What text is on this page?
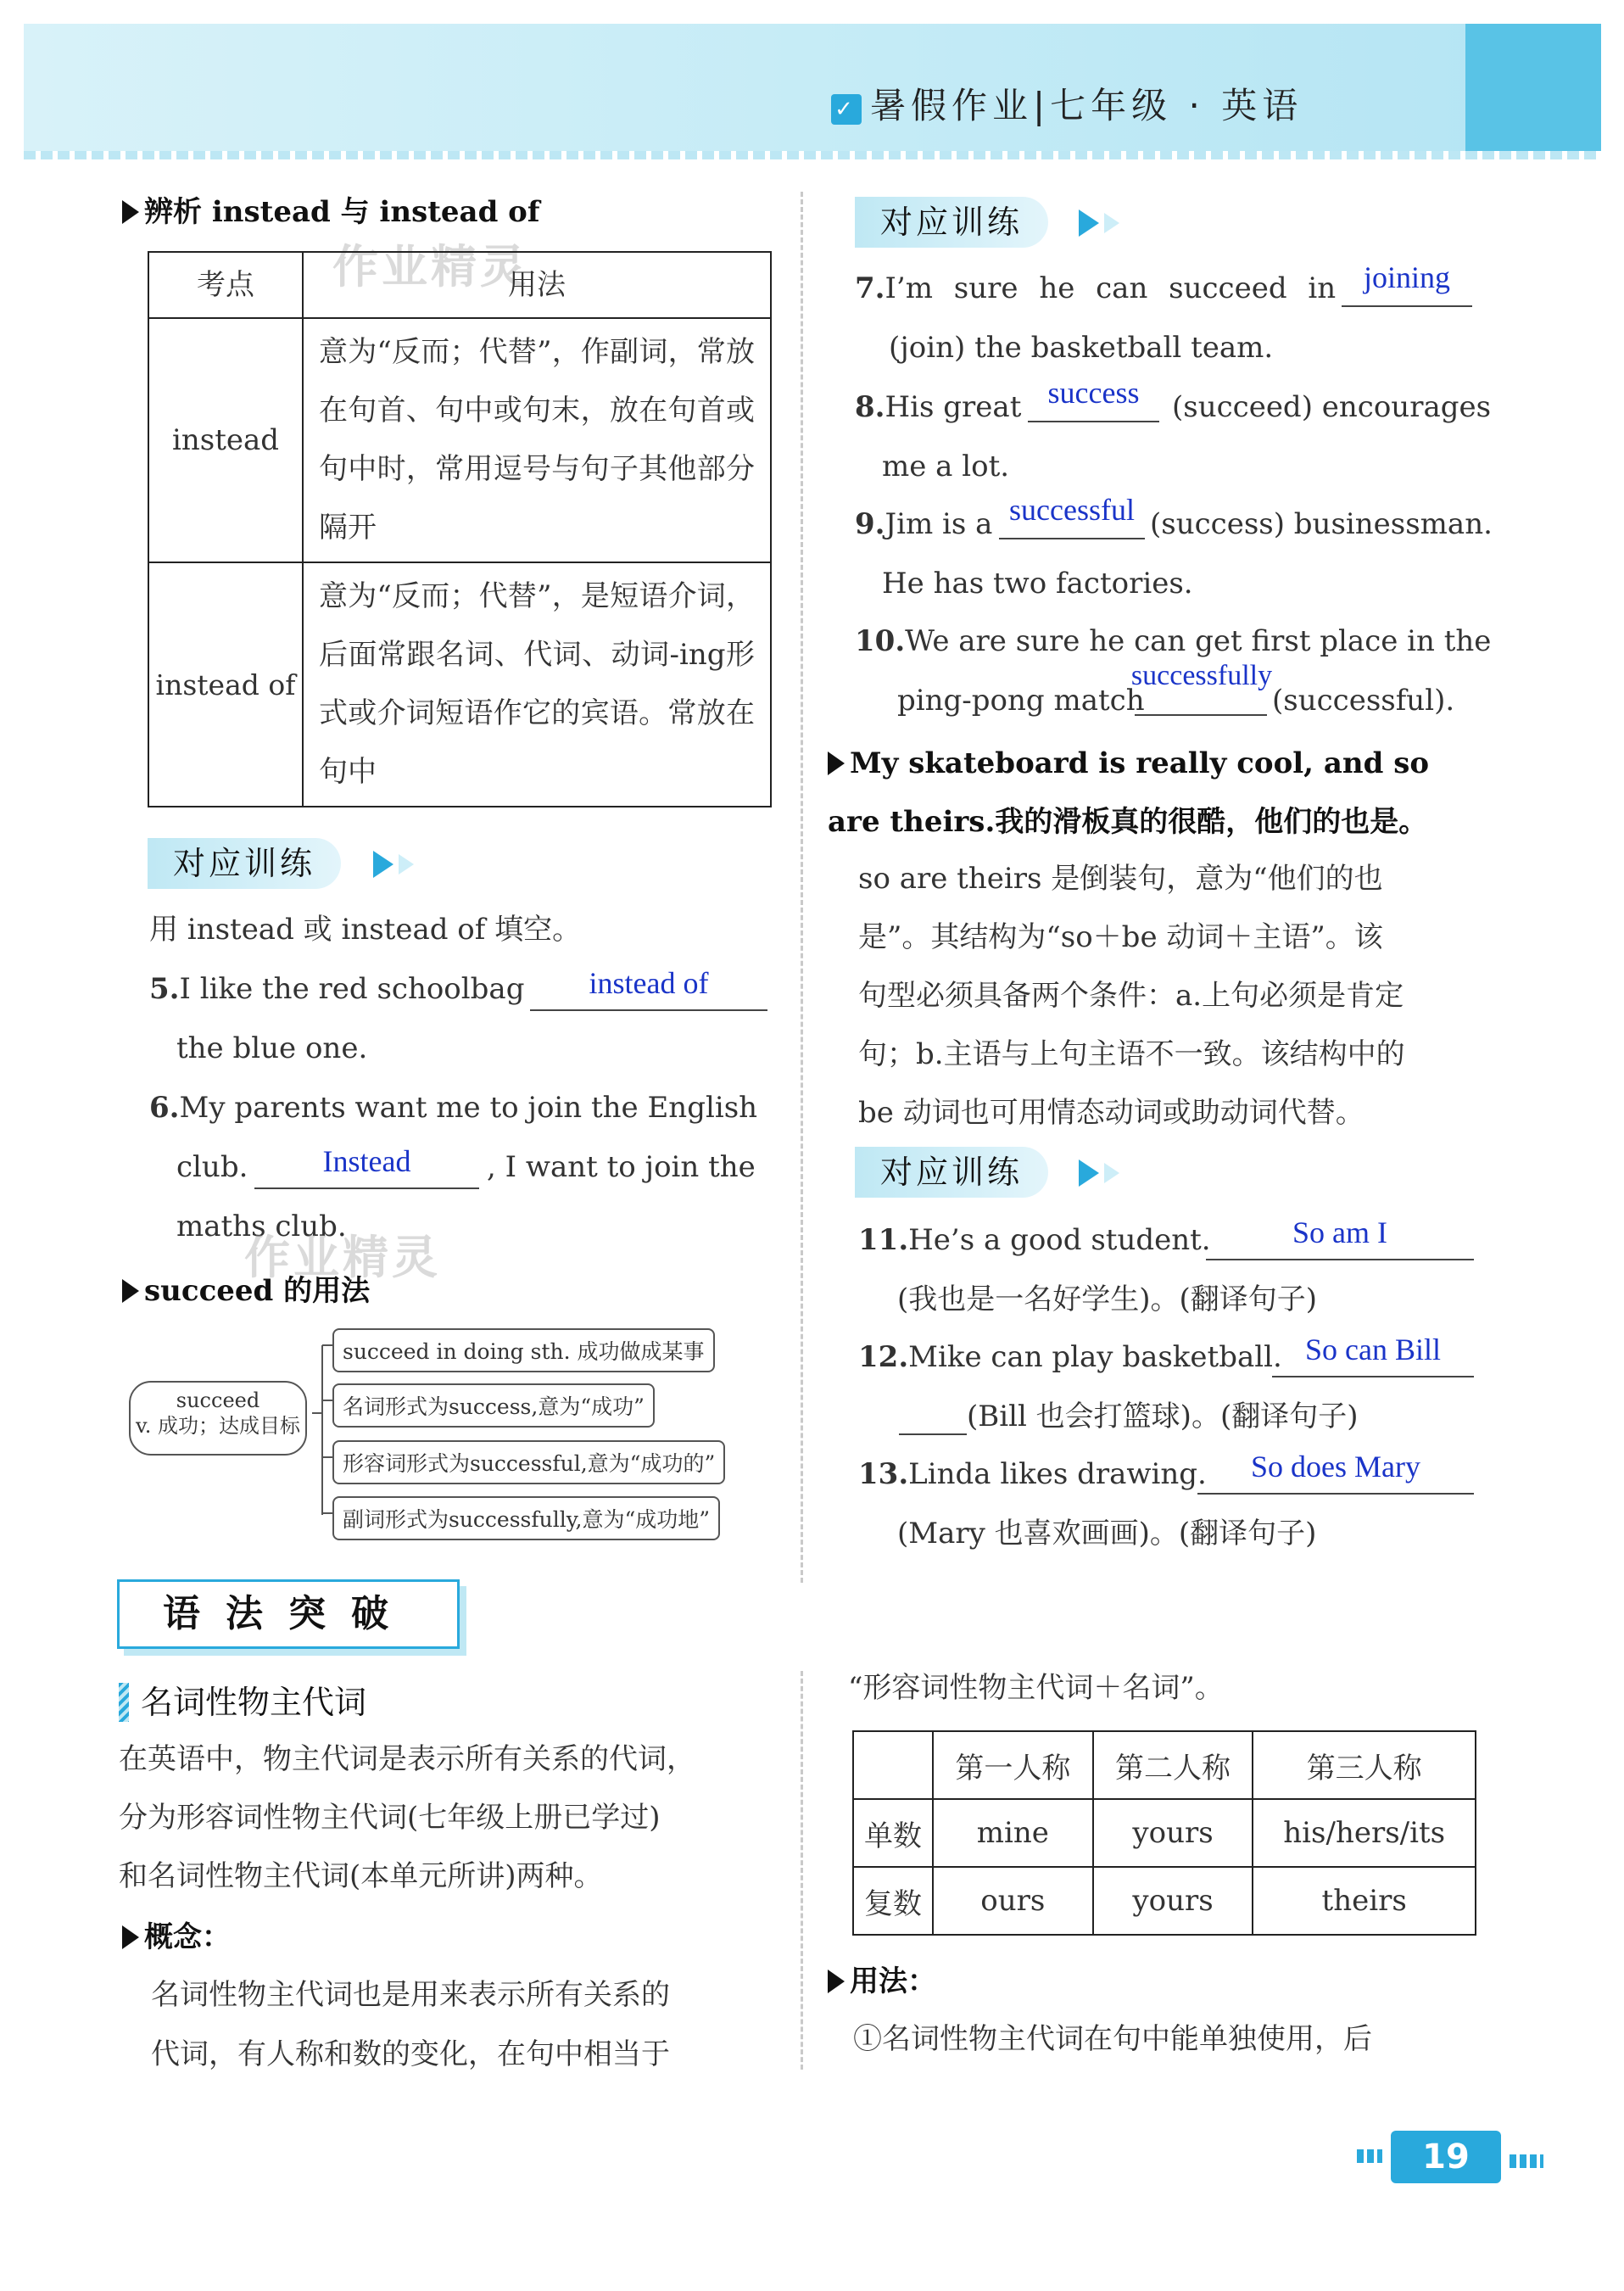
✓ 暑假作业|七年级 · 英语
辨析 instead 与 instead of
作业精灵
考点	用法
instead	意为“反而；代替”，作副词，常放在句首、句中或句末，放在句首或句中时，常用逗号与句子其他部分隔开
instead of	意为“反而；代替”，是短语介词，后面常跟名词、代词、动词-ing形式或介词短语作它的宾语。常放在句中
对应训练
用 instead 或 instead of 填空。
5.I like the red schoolbag	instead of
the blue one.
6.My parents want me to join the English
club.	Instead	, I want to join the
maths club.
作业精灵
succeed 的用法
succeed
v. 成功；达成目标
succeed in doing sth. 成功做成某事
名词形式为success,意为“成功”
形容词形式为successful,意为“成功的”
副词形式为successfully,意为“成功地”
对应训练
7.I’m sure he can succeed in joining
(join) the basketball team.
8.His great success	(succeed) encourages
me a lot.
9.Jim is a successful (success) businessman.
He has two factories.
10.We are sure he can get first place in the
ping-pong match
successfully
(successful).
My skateboard is really cool, and so are theirs.我的滑板真的很酷，他们的也是。
so are theirs 是倒装句，意为“他们的也
是”。其结构为“so＋be 动词＋主语”。该
句型必须具备两个条件：a.上句必须是肯定
句；b.主语与上句主语不一致。该结构中的
be 动词也可用情态动词或助动词代替。
对应训练
11.He’s a good student.	So am I
(我也是一名好学生)。(翻译句子)
12.Mike can play basketball. So can Bill
(Bill 也会打篮球)。(翻译句子)
13.Linda likes drawing.	So does Mary
(Mary 也喜欢画画)。(翻译句子)
语法突破
名词性物主代词
在英语中，物主代词是表示所有关系的代词，
分为形容词性物主代词(七年级上册已学过)
和名词性物主代词(本单元所讲)两种。
概念：
名词性物主代词也是用来表示所有关系的
代词，有人称和数的变化，在句中相当于
“形容词性物主代词＋名词”。
	第一人称	第二人称	第三人称
单数	mine	yours	his/hers/its
复数	ours	yours	theirs
用法：
①名词性物主代词在句中能单独使用，后
19
